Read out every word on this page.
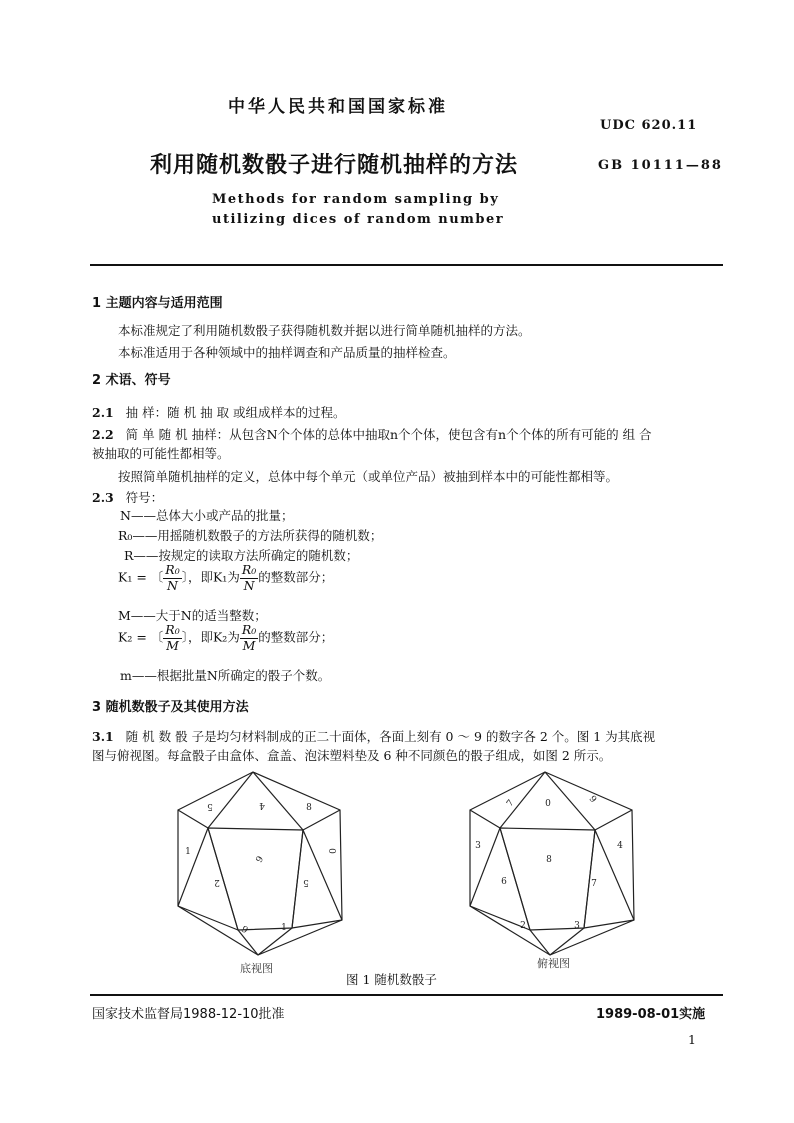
中华人民共和国国家标准
UDC 620.11
利用随机数骰子进行随机抽样的方法	GB 10111—88
Methods for random sampling by
utilizing dices of random number
1 主题内容与适用范围
本标准规定了利用随机数骰子获得随机数并据以进行简单随机抽样的方法。
本标准适用于各种领域中的抽样调查和产品质量的抽样检查。
2 术语、符号
2.1 抽 样：随 机 抽 取 或组成样本的过程。
2.2 简 单 随 机 抽样：从包含N个个体的总体中抽取n个个体，使包含有n个个体的所有可能的 组 合
被抽取的可能性都相等。
按照简单随机抽样的定义，总体中每个单元（或单位产品）被抽到样本中的可能性都相等。
2.3 符号：
N——总体大小或产品的批量；
R₀——用摇随机数骰子的方法所获得的随机数；
R——按规定的读取方法所确定的随机数；
K₁ = 〔 $\frac{\text{R₀}}{N}$ 〕，即K₁为 $\frac{\text{R₀}}{N}$ 的整数部分；
M——大于N的适当整数；
K₂ = 〔 $\frac{\text{R₀}}{M}$ 〕，即K₂为 $\frac{\text{R₀}}{M}$ 的整数部分；
m——根据批量N所确定的骰子个数。
3 随机数骰子及其使用方法
3.1 随 机 数 骰 子是均匀材料制成的正二十面体，各面上刻有 0 ～ 9 的数字各 2 个。图 1 为其底视
图与俯视图。每盒骰子由盒体、盒盖、泡沫塑料垫及 6 种不同颜色的骰子组成，如图 2 所示。
5	4	8
1
6
0
2	5
6	1
7	0	9
3
8
4
6	7
2	3
底视图	俯视图
图 1 随机数骰子
国家技术监督局1988-12-10批准	1989-08-01实施
1
